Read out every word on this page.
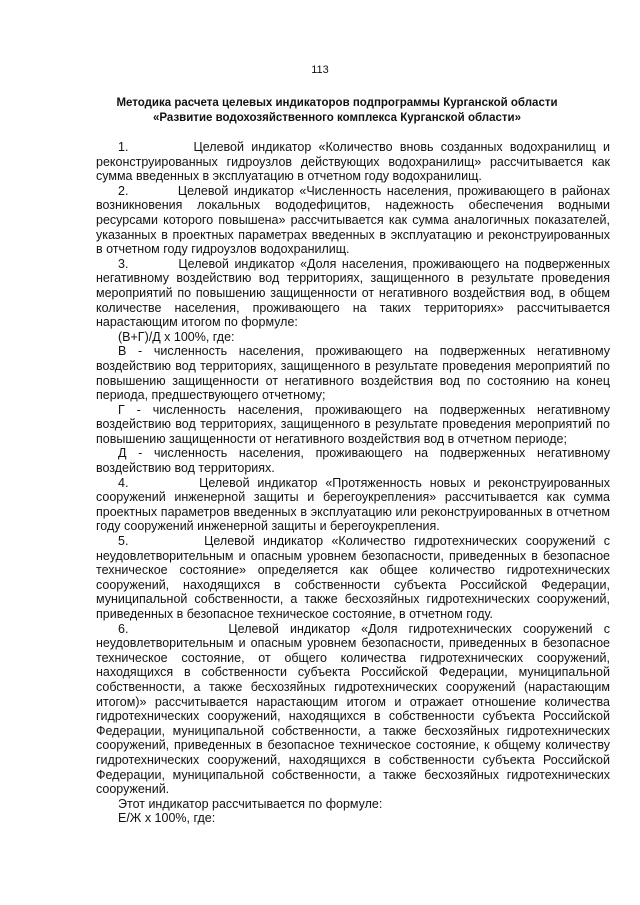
113
Методика расчета целевых индикаторов подпрограммы Курганской области
«Развитие водохозяйственного комплекса Курганской области»

1.         Целевой индикатор «Количество вновь созданных водохранилищ и реконструированных гидроузлов действующих водохранилищ» рассчитывается как сумма введенных в эксплуатацию в отчетном году водохранилищ.

2.         Целевой индикатор «Численность населения, проживающего в районах возникновения локальных вододефицитов, надежность обеспечения водными ресурсами которого повышена» рассчитывается как сумма аналогичных показателей, указанных в проектных параметрах введенных в эксплуатацию и реконструированных в отчетном году гидроузлов водохранилищ.

3.         Целевой индикатор «Доля населения, проживающего на подверженных негативному воздействию вод территориях, защищенного в результате проведения мероприятий по повышению защищенности от негативного воздействия вод, в общем количестве населения, проживающего на таких территориях» рассчитывается нарастающим итогом по формуле:

(В+Г)/Д х 100%, где:

В - численность населения, проживающего на подверженных негативному воздействию вод территориях, защищенного в результате проведения мероприятий по повышению защищенности от негативного воздействия вод по состоянию на конец периода, предшествующего отчетному;

Г - численность населения, проживающего на подверженных негативному воздействию вод территориях, защищенного в результате проведения мероприятий по повышению защищенности от негативного воздействия вод в отчетном периоде;

Д - численность населения, проживающего на подверженных негативному воздействию вод территориях.

4.         Целевой индикатор «Протяженность новых и реконструированных сооружений инженерной защиты и берегоукрепления» рассчитывается как сумма проектных параметров введенных в эксплуатацию или реконструированных в отчетном году сооружений инженерной защиты и берегоукрепления.

5.         Целевой индикатор «Количество гидротехнических сооружений с неудовлетворительным и опасным уровнем безопасности, приведенных в безопасное техническое состояние» определяется как общее количество гидротехнических сооружений, находящихся в собственности субъекта Российской Федерации, муниципальной собственности, а также бесхозяйных гидротехнических сооружений, приведенных в безопасное техническое состояние, в отчетном году.

6.         Целевой индикатор «Доля гидротехнических сооружений с неудовлетворительным и опасным уровнем безопасности, приведенных в безопасное техническое состояние, от общего количества гидротехнических сооружений, находящихся в собственности субъекта Российской Федерации, муниципальной собственности, а также бесхозяйных гидротехнических сооружений (нарастающим итогом)» рассчитывается нарастающим итогом и отражает отношение количества гидротехнических сооружений, находящихся в собственности субъекта Российской Федерации, муниципальной собственности, а также бесхозяйных гидротехнических сооружений, приведенных в безопасное техническое состояние, к общему количеству гидротехнических сооружений, находящихся в собственности субъекта Российской Федерации, муниципальной собственности, а также бесхозяйных гидротехнических сооружений.

Этот индикатор рассчитывается по формуле:

Е/Ж х 100%, где:
